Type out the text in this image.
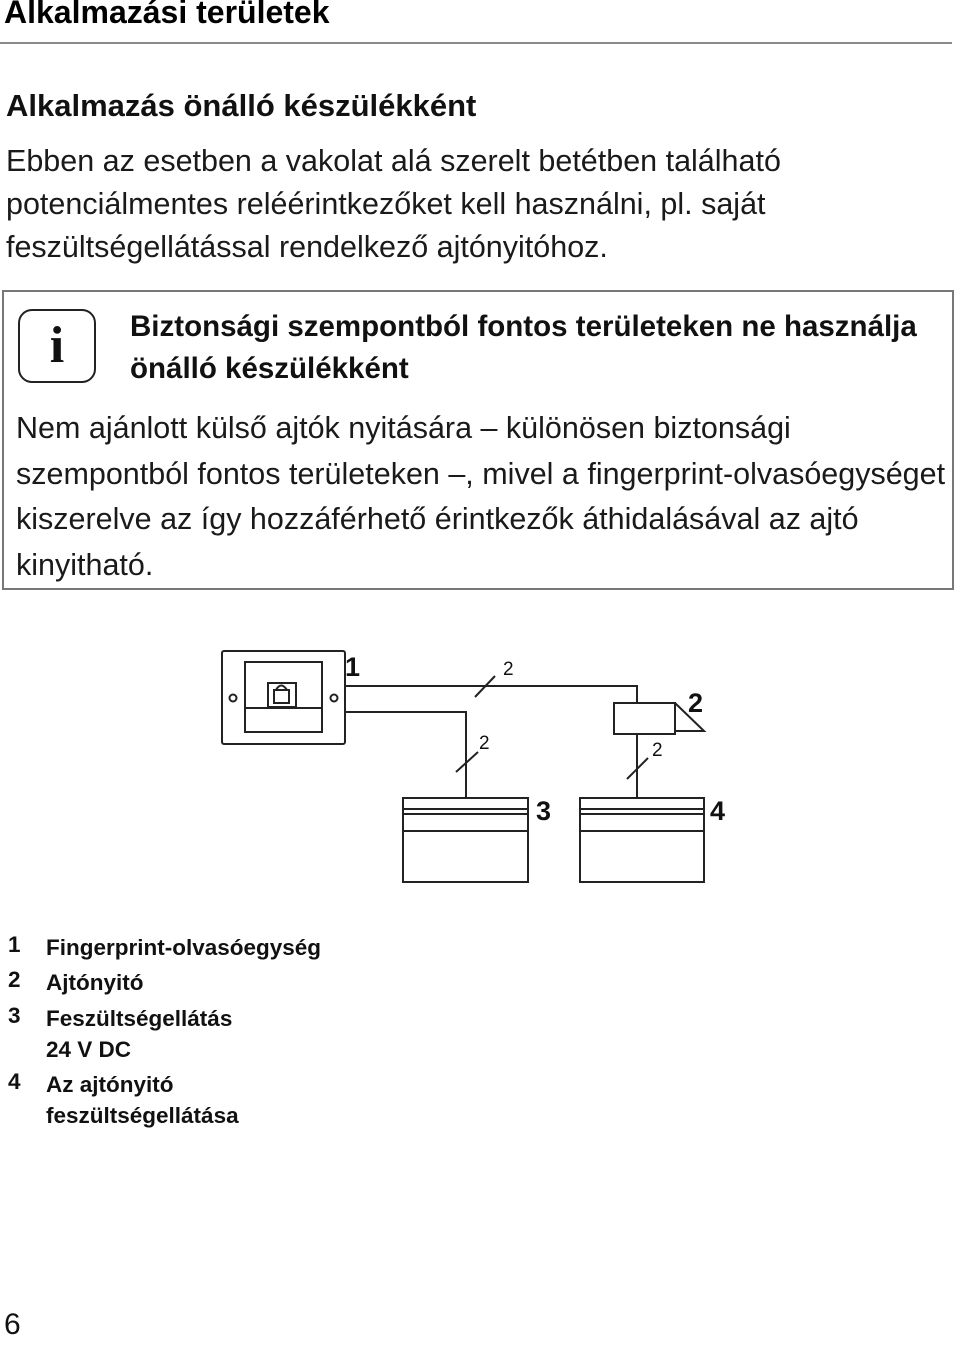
Alkalmazási területek
Alkalmazás önálló készülékként

Ebben az esetben a vakolat alá szerelt betétben található potenciálmentes reléérintkezőket kell használni, pl. saját feszültségellátással rendelkező ajtónyitóhoz.

i	Biztonsági szempontból fontos területeken ne használja önálló készülékként

Nem ajánlott külső ajtók nyitására – különösen biztonsági szempontból fontos területeken –, mivel a fingerprint-olvasóegységet kiszerelve az így hozzáférhető érintkezők áthidalásával az ajtó kinyitható.

1	2
2
2	2
3	4
1 Fingerprint-olvasóegység
2 Ajtónyitó
3 Feszültségellátás
24 V DC
4 Az ajtónyitó
feszültségellátása
6
